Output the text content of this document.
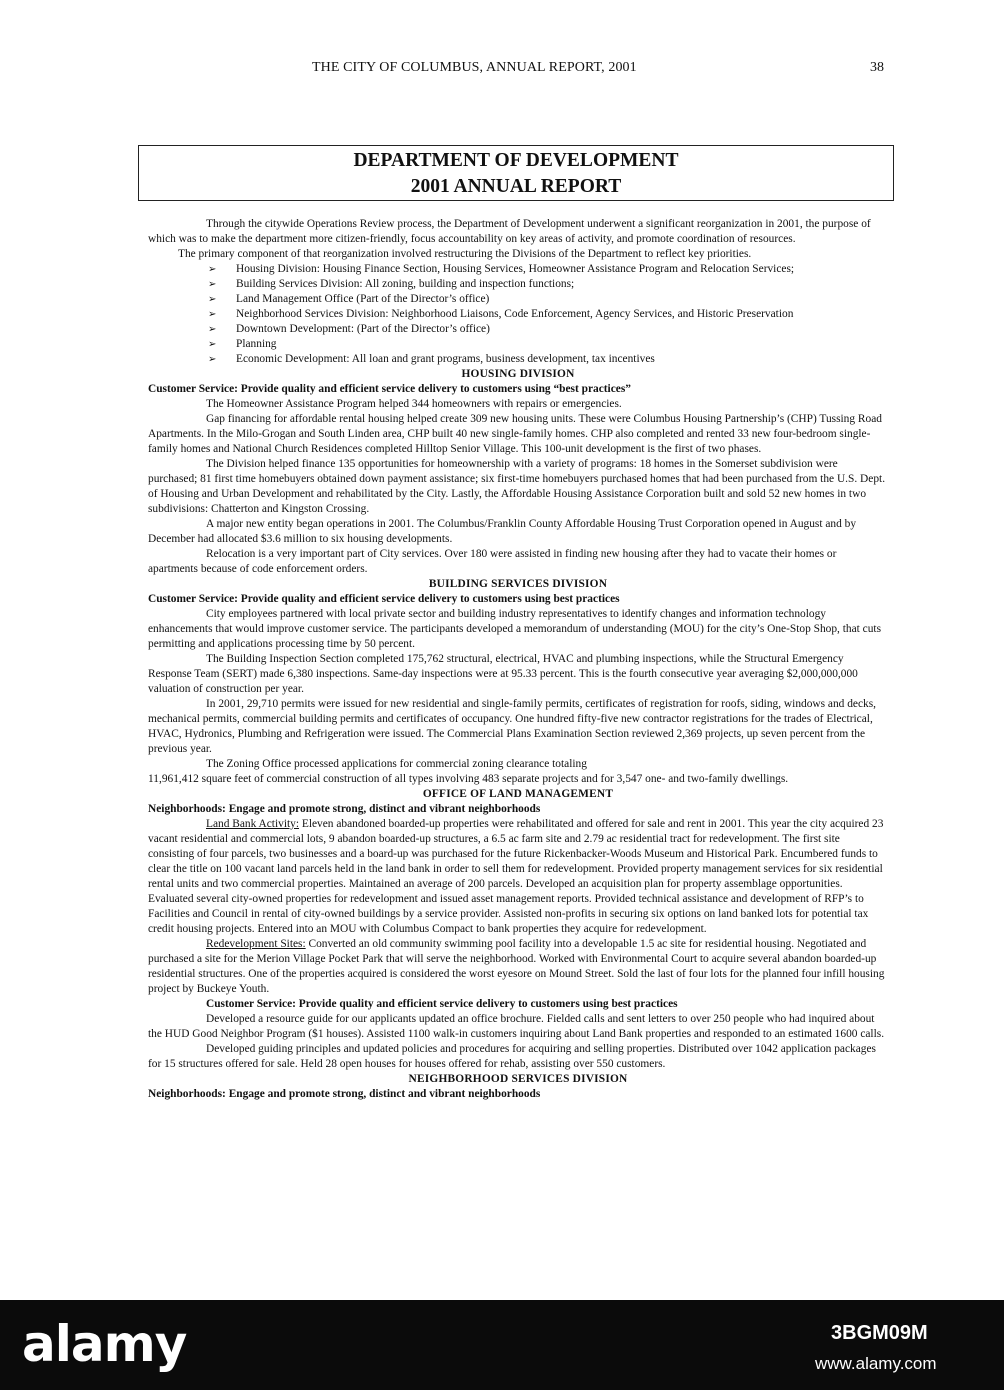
THE CITY OF COLUMBUS, ANNUAL REPORT, 2001	38
DEPARTMENT OF DEVELOPMENT
2001 ANNUAL REPORT

Through the citywide Operations Review process, the Department of Development underwent a significant reorganization in 2001, the purpose of which was to make the department more citizen-friendly, focus accountability on key areas of activity, and promote coordination of resources.

The primary component of that reorganization involved restructuring the Divisions of the Department to reflect key priorities.

➢	Housing Division: Housing Finance Section, Housing Services, Homeowner Assistance Program and Relocation Services;
➢	Building Services Division: All zoning, building and inspection functions;
➢	Land Management Office (Part of the Director’s office)
➢	Neighborhood Services Division: Neighborhood Liaisons, Code Enforcement, Agency Services, and Historic Preservation
➢	Downtown Development: (Part of the Director’s office)
➢	Planning
➢	Economic Development: All loan and grant programs, business development, tax incentives

HOUSING DIVISION

Customer Service: Provide quality and efficient service delivery to customers using “best practices”

The Homeowner Assistance Program helped 344 homeowners with repairs or emergencies.

Gap financing for affordable rental housing helped create 309 new housing units. These were Columbus Housing Partnership’s (CHP) Tussing Road Apartments. In the Milo-Grogan and South Linden area, CHP built 40 new single-family homes. CHP also completed and rented 33 new four-bedroom single- family homes and National Church Residences completed Hilltop Senior Village. This 100-unit development is the first of two phases.

The Division helped finance 135 opportunities for homeownership with a variety of programs: 18 homes in the Somerset subdivision were purchased; 81 first time homebuyers obtained down payment assistance; six first-time homebuyers purchased homes that had been purchased from the U.S. Dept. of Housing and Urban Development and rehabilitated by the City. Lastly, the Affordable Housing Assistance Corporation built and sold 52 new homes in two subdivisions: Chatterton and Kingston Crossing.

A major new entity began operations in 2001. The Columbus/Franklin County Affordable Housing Trust Corporation opened in August and by December had allocated $3.6 million to six housing developments.

Relocation is a very important part of City services. Over 180 were assisted in finding new housing after they had to vacate their homes or apartments because of code enforcement orders.

BUILDING SERVICES DIVISION

Customer Service: Provide quality and efficient service delivery to customers using best practices

City employees partnered with local private sector and building industry representatives to identify changes and information technology enhancements that would improve customer service. The participants developed a memorandum of understanding (MOU) for the city’s One-Stop Shop, that cuts permitting and applications processing time by 50 percent.

The Building Inspection Section completed 175,762 structural, electrical, HVAC and plumbing inspections, while the Structural Emergency Response Team (SERT) made 6,380 inspections. Same-day inspections were at 95.33 percent. This is the fourth consecutive year averaging $2,000,000,000 valuation of construction per year.

In 2001, 29,710 permits were issued for new residential and single-family permits, certificates of registration for roofs, siding, windows and decks, mechanical permits, commercial building permits and certificates of occupancy. One hundred fifty-five new contractor registrations for the trades of Electrical, HVAC, Hydronics, Plumbing and Refrigeration were issued. The Commercial Plans Examination Section reviewed 2,369 projects, up seven percent from the previous year.

The Zoning Office processed applications for commercial zoning clearance totaling

11,961,412 square feet of commercial construction of all types involving 483 separate projects and for 3,547 one- and two-family dwellings.

OFFICE OF LAND MANAGEMENT

Neighborhoods: Engage and promote strong, distinct and vibrant neighborhoods

Land Bank Activity: Eleven abandoned boarded-up properties were rehabilitated and offered for sale and rent in 2001. This year the city acquired 23 vacant residential and commercial lots, 9 abandon boarded-up structures, a 6.5 ac farm site and 2.79 ac residential tract for redevelopment. The first site consisting of four parcels, two businesses and a board-up was purchased for the future Rickenbacker-Woods Museum and Historical Park. Encumbered funds to clear the title on 100 vacant land parcels held in the land bank in order to sell them for redevelopment. Provided property management services for six residential rental units and two commercial properties. Maintained an average of 200 parcels. Developed an acquisition plan for property assemblage opportunities. Evaluated several city-owned properties for redevelopment and issued asset management reports. Provided technical assistance and development of RFP’s to Facilities and Council in rental of city-owned buildings by a service provider. Assisted non-profits in securing six options on land banked lots for potential tax credit housing projects. Entered into an MOU with Columbus Compact to bank properties they acquire for redevelopment.

Redevelopment Sites: Converted an old community swimming pool facility into a developable 1.5 ac site for residential housing. Negotiated and purchased a site for the Merion Village Pocket Park that will serve the neighborhood. Worked with Environmental Court to acquire several abandon boarded-up residential structures. One of the properties acquired is considered the worst eyesore on Mound Street. Sold the last of four lots for the planned four infill housing project by Buckeye Youth.

Customer Service: Provide quality and efficient service delivery to customers using best practices

Developed a resource guide for our applicants updated an office brochure. Fielded calls and sent letters to over 250 people who had inquired about the HUD Good Neighbor Program ($1 houses). Assisted 1100 walk-in customers inquiring about Land Bank properties and responded to an estimated 1600 calls.

Developed guiding principles and updated policies and procedures for acquiring and selling properties. Distributed over 1042 application packages for 15 structures offered for sale. Held 28 open houses for houses offered for rehab, assisting over 550 customers.

NEIGHBORHOOD SERVICES DIVISION

Neighborhoods: Engage and promote strong, distinct and vibrant neighborhoods

alamy	3BGM09M
www.alamy.com
